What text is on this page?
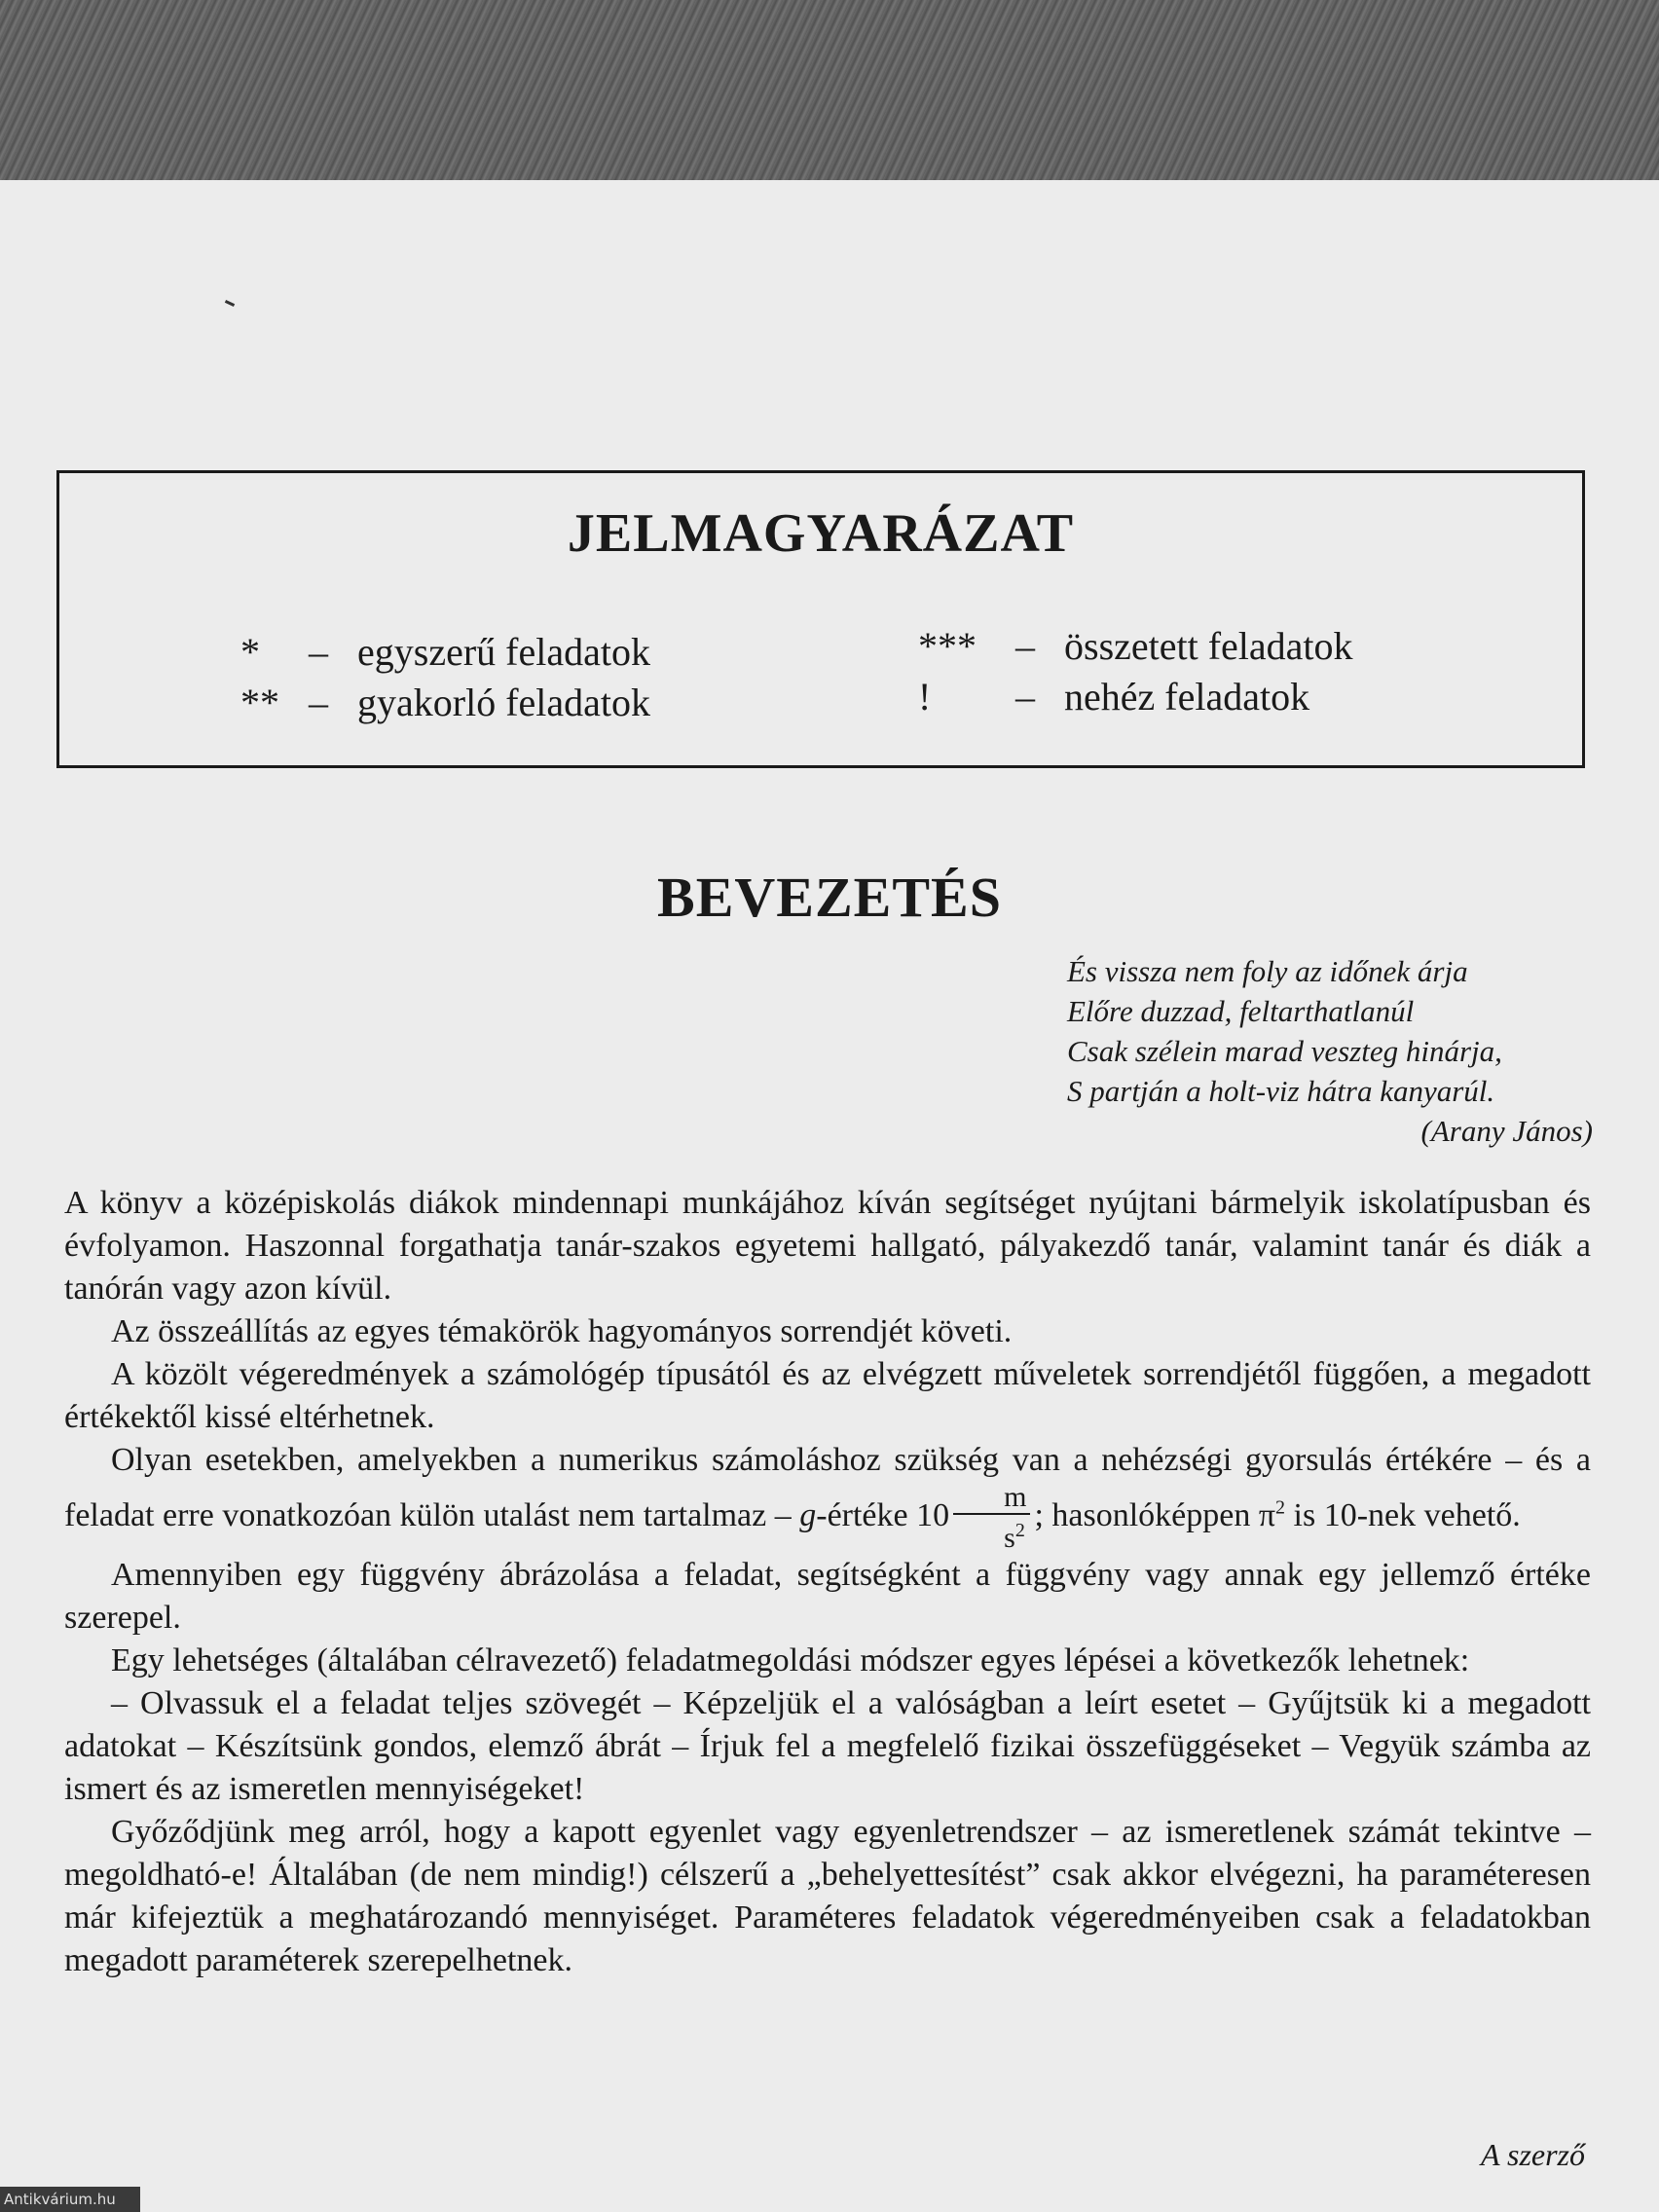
JELMAGYARÁZAT
* – egyszerű feladatok
** – gyakorló feladatok
*** – összetett feladatok
! – nehéz feladatok
BEVEZETÉS
És vissza nem foly az időnek árja
Előre duzzad, feltarthatlanúl
Csak szélein marad veszteg hinárja,
S partján a holt-viz hátra kanyarúl.
(Arany János)

A könyv a középiskolás diákok mindennapi munkájához kíván segítséget nyújtani bármelyik iskolatípusban és évfolyamon. Haszonnal forgathatja tanár-szakos egyetemi hallgató, pályakezdő tanár, valamint tanár és diák a tanórán vagy azon kívül.

Az összeállítás az egyes témakörök hagyományos sorrendjét követi.

A közölt végeredmények a számológép típusától és az elvégzett műveletek sorrendjétől függően, a megadott értékektől kissé eltérhetnek.

Olyan esetekben, amelyekben a numerikus számoláshoz szükség van a nehézségi gyorsulás értékére – és a feladat erre vonatkozóan külön utalást nem tartalmaz – g-értéke $10 \frac{m}{s^2}$ ; hasonlóképpen $\pi^2$ is 10-nek vehető.

Amennyiben egy függvény ábrázolása a feladat, segítségként a függvény vagy annak egy jellemző értéke szerepel.

Egy lehetséges (általában célravezető) feladatmegoldási módszer egyes lépései a következők lehetnek:

– Olvassuk el a feladat teljes szövegét – Képzeljük el a valóságban a leírt esetet – Gyűjtsük ki a megadott adatokat – Készítsünk gondos, elemző ábrát – Írjuk fel a megfelelő fizikai összefüggéseket – Vegyük számba az ismert és az ismeretlen mennyiségeket!

Győződjünk meg arról, hogy a kapott egyenlet vagy egyenletrendszer – az ismeretlenek számát tekintve – megoldható-e! Általában (de nem mindig!) célszerű a „behelyettesítést” csak akkor elvégezni, ha paraméteresen már kifejeztük a meghatározandó mennyiséget. Paraméteres feladatok végeredményeiben csak a feladatokban megadott paraméterek szerepelhetnek.

A szerző
Antikvárium.hu
